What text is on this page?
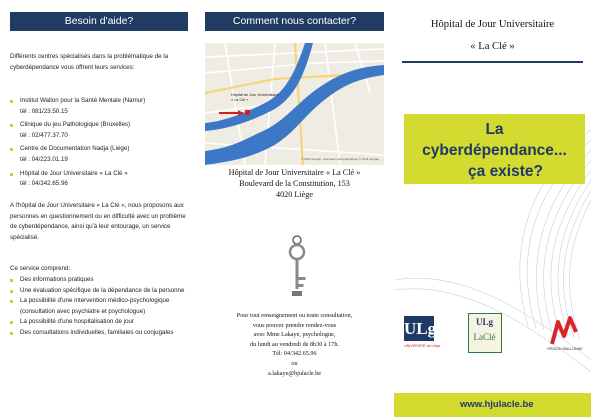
Besoin d'aide?

Différents centres spécialisés dans la problématique de la cyberdépendance vous offrent leurs services:

Institut Wallon pour la Santé Mentale (Namur)
tél : 081/23.50.15
Clinique du jeu Pathologique (Bruxelles)
tél : 02/477.37.70
Centre de Documentation Nadja (Liège)
tél : 04/223.01.19
Hôpital de Jour Universitaire « La Clé »
tél : 04/342.65.96

A l'hôpital de Jour Universitaire « La Clé », nous proposons aux personnes en questionnement ou en difficulté avec un problème de cyberdépendance, ainsi qu'à leur entourage, un service spécialisé.

Ce service comprend:
Des informations pratiques
Une évaluation spécifique de la dépendance de la personne
La possibilité d'une intervention médico-psychologique (consultation avec psychiatre et psychologue)
La possibilité d'une hospitalisation de jour
Des consultations individuelles, familiales ou conjugales
Comment nous contacter?
Hôpital de Jour Universitaire « La Clé »
© 2011 Google - Données cartographiques © 2011 Google
Hôpital de Jour Universitaire « La Clé »
Boulevard de la Constitution, 153
4020 Liège
Pour tout renseignement ou toute consultation,
vous pouvez prendre rendez-vous
avec Mme Lakaye, psychologue,
du lundi au vendredi de 8h30 à 17h.
Tél: 04/342.65.96
ou
a.lakaye@hjulacle.be
Hôpital de Jour Universitaire
« La Clé »
La
cyberdépendance...
ça existe?
ULg
UNIVERSITÉ de Liège
ULg
LaClé
RÉGION WALLONNE
www.hjulacle.be
